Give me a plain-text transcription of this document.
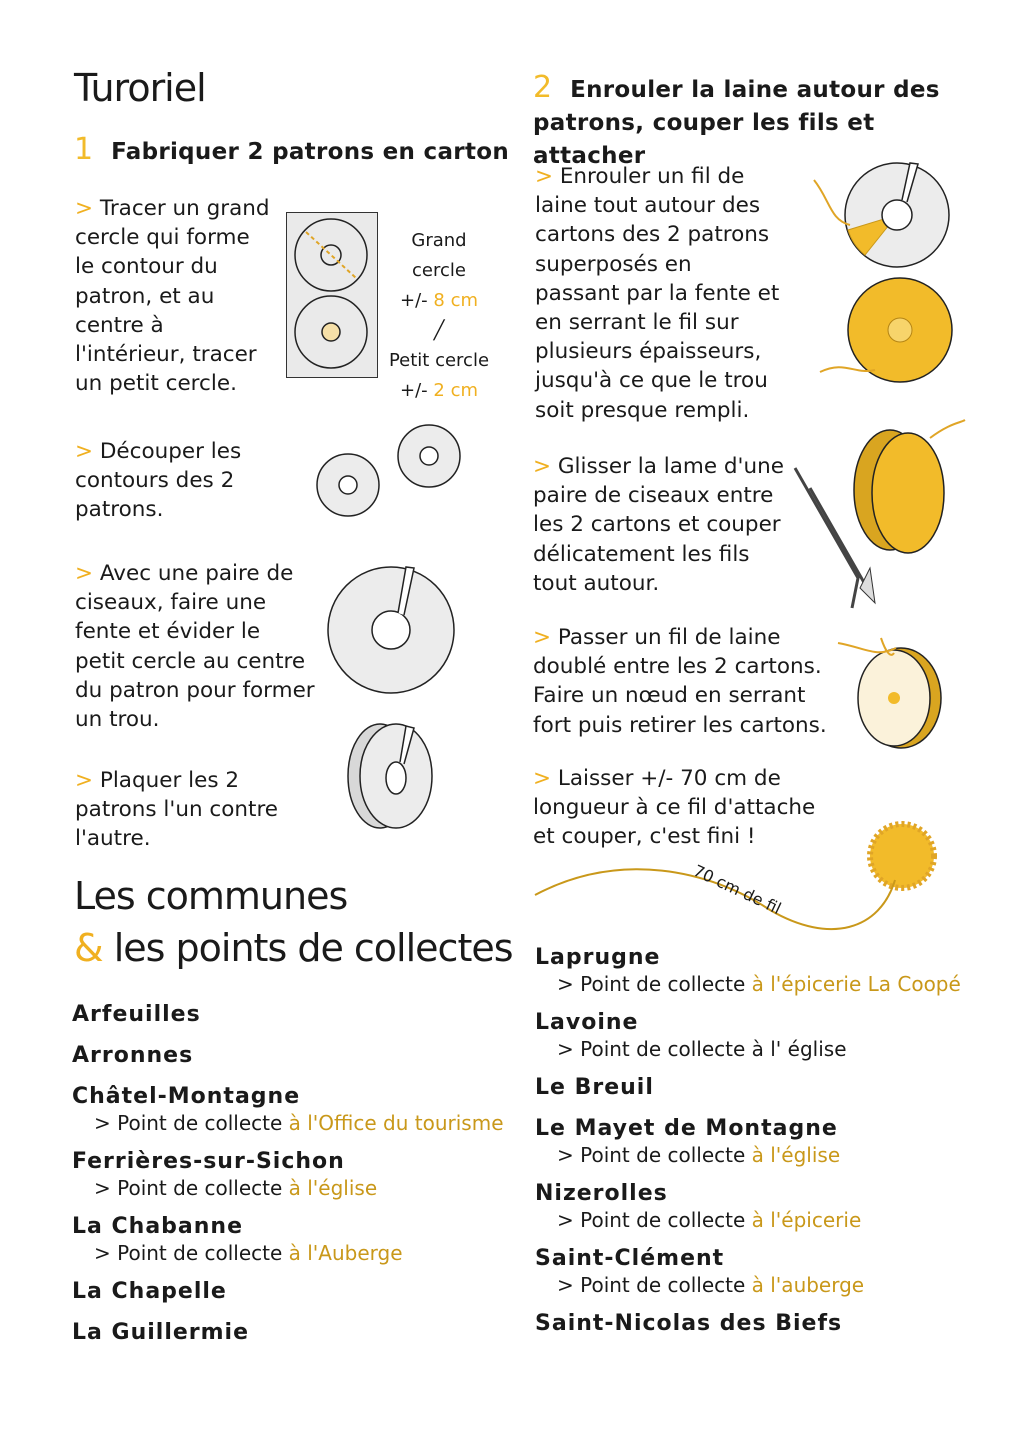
Turoriel
1 Fabriquer 2 patrons en carton
> Tracer un grand cercle qui forme le contour du patron, et au centre à l'intérieur, tracer un petit cercle.
> Découper les contours des 2 patrons.
> Avec une paire de ciseaux, faire une fente et évider le petit cercle au centre du patron pour former un trou.
> Plaquer les 2 patrons l'un contre l'autre.
Grand cercle
+/- 8 cm
╱
Petit cercle
+/- 2 cm
2 Enrouler la laine autour des patrons, couper les fils et attacher
> Enrouler un fil de laine tout autour des cartons des 2 patrons superposés en passant par la fente et en serrant le fil sur plusieurs épaisseurs, jusqu'à ce que le trou soit presque rempli.
> Glisser la lame d'une paire de ciseaux entre les 2 cartons et couper délicatement les fils tout autour.
> Passer un fil de laine doublé entre les 2 cartons. Faire un nœud en serrant fort puis retirer les cartons.
> Laisser +/- 70 cm de longueur à ce fil d'attache et couper, c'est fini !
70 cm de fil
Les communes
& les points de collectes
Arfeuilles
Arronnes
Châtel-Montagne
> Point de collecte à l'Office du tourisme
Ferrières-sur-Sichon
> Point de collecte à l'église
La Chabanne
> Point de collecte à l'Auberge
La Chapelle
La Guillermie
Laprugne
> Point de collecte à l'épicerie La Coopé
Lavoine
> Point de collecte à l' église
Le Breuil
Le Mayet de Montagne
> Point de collecte à l'église
Nizerolles
> Point de collecte à l'épicerie
Saint-Clément
> Point de collecte à l'auberge
Saint-Nicolas des Biefs
